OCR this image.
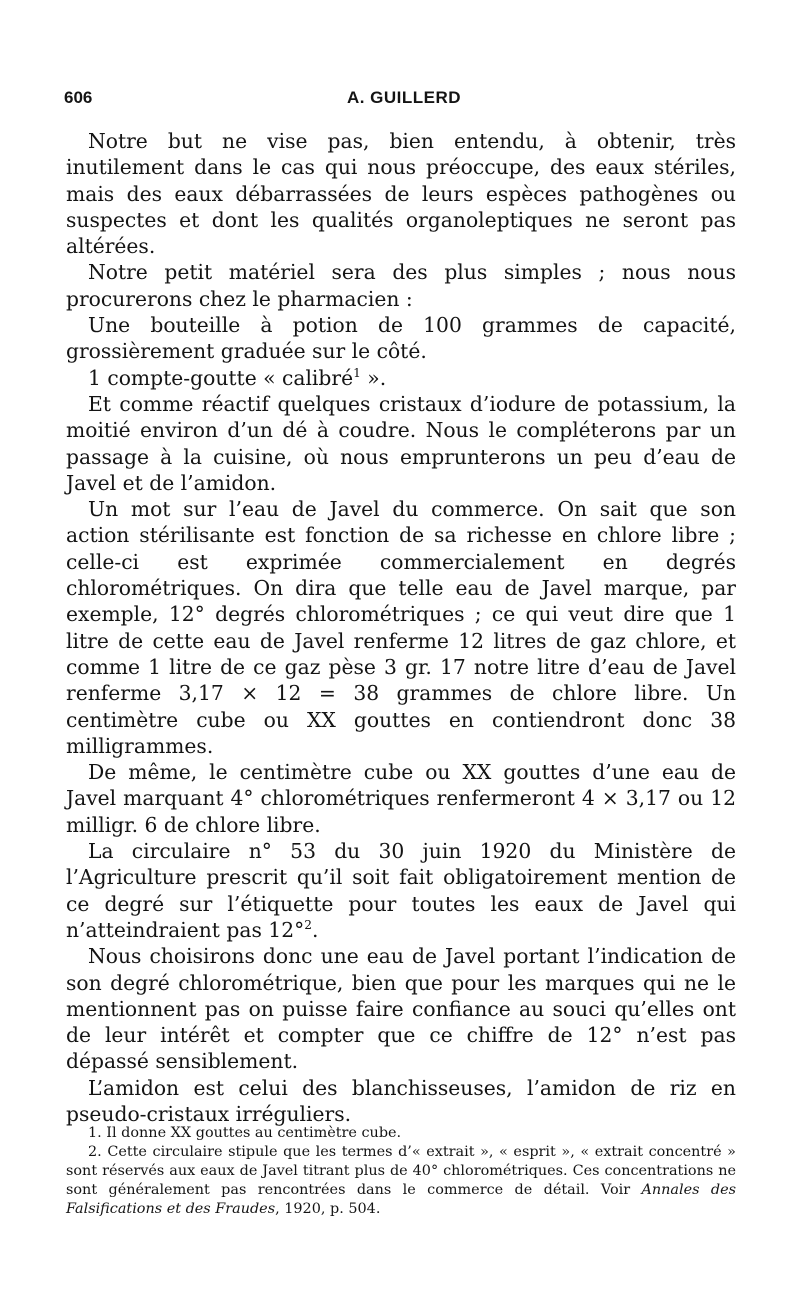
606	A. GUILLERD

Notre but ne vise pas, bien entendu, à obtenir, très inutilement dans le cas qui nous préoccupe, des eaux stériles, mais des eaux débarrassées de leurs espèces pathogènes ou suspectes et dont les qualités organoleptiques ne seront pas altérées.

Notre petit matériel sera des plus simples ; nous nous procurerons chez le pharmacien :

Une bouteille à potion de 100 grammes de capacité, grossièrement graduée sur le côté.

1 compte-goutte « calibré$^1$ ».

Et comme réactif quelques cristaux d’iodure de potassium, la moitié environ d’un dé à coudre. Nous le compléterons par un passage à la cuisine, où nous emprunterons un peu d’eau de Javel et de l’amidon.

Un mot sur l’eau de Javel du commerce. On sait que son action stérilisante est fonction de sa richesse en chlore libre ; celle-ci est exprimée commercialement en degrés chlorométriques. On dira que telle eau de Javel marque, par exemple, 12° degrés chlorométriques ; ce qui veut dire que 1 litre de cette eau de Javel renferme 12 litres de gaz chlore, et comme 1 litre de ce gaz pèse 3 gr. 17 notre litre d’eau de Javel renferme 3,17 × 12 = 38 grammes de chlore libre. Un centimètre cube ou XX gouttes en contiendront donc 38 milligrammes.

De même, le centimètre cube ou XX gouttes d’une eau de Javel marquant 4° chlorométriques renfermeront 4 × 3,17 ou 12 milligr. 6 de chlore libre.

La circulaire n° 53 du 30 juin 1920 du Ministère de l’Agriculture prescrit qu’il soit fait obligatoirement mention de ce degré sur l’étiquette pour toutes les eaux de Javel qui n’atteindraient pas 12°$^2$.

Nous choisirons donc une eau de Javel portant l’indication de son degré chlorométrique, bien que pour les marques qui ne le mentionnent pas on puisse faire confiance au souci qu’elles ont de leur intérêt et compter que ce chiffre de 12° n’est pas dépassé sensiblement.

L’amidon est celui des blanchisseuses, l’amidon de riz en pseudo-cristaux irréguliers.

1. Il donne XX gouttes au centimètre cube.

2. Cette circulaire stipule que les termes d’« extrait », « esprit », « extrait concentré » sont réservés aux eaux de Javel titrant plus de 40° chlorométriques. Ces concentrations ne sont généralement pas rencontrées dans le commerce de détail. Voir Annales des Falsifications et des Fraudes, 1920, p. 504.
